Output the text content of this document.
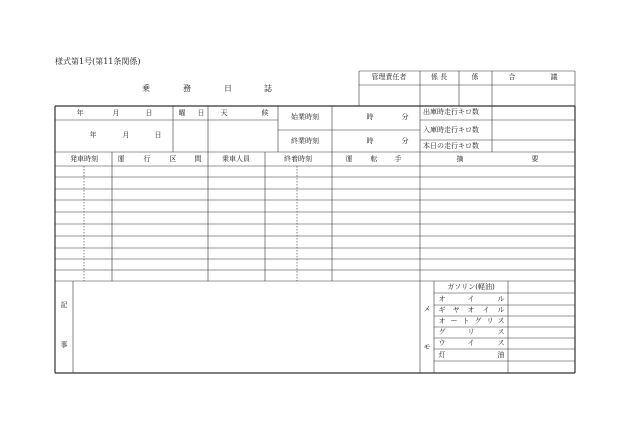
様式第1号(第11条関係)
乗	務	日	誌
管理責任者	係 長	係	合	議
年	月	日	曜 日 天	候
年	月	日
始業時刻	時	分
終業時刻	時	分
出庫時走行キロ数
入庫時走行キロ数
本日の走行キロ数
発車時刻	運	行	区	間	乗車人員	終着時刻	運	転 手	摘	要
記
事
メ
モ
ガソリン(軽油)
オ	イ	ル
ギ ヤ オ イ ル
オ ー ト グ リ ス
グ	リ	ス
ウ	イ	ス
灯	油
